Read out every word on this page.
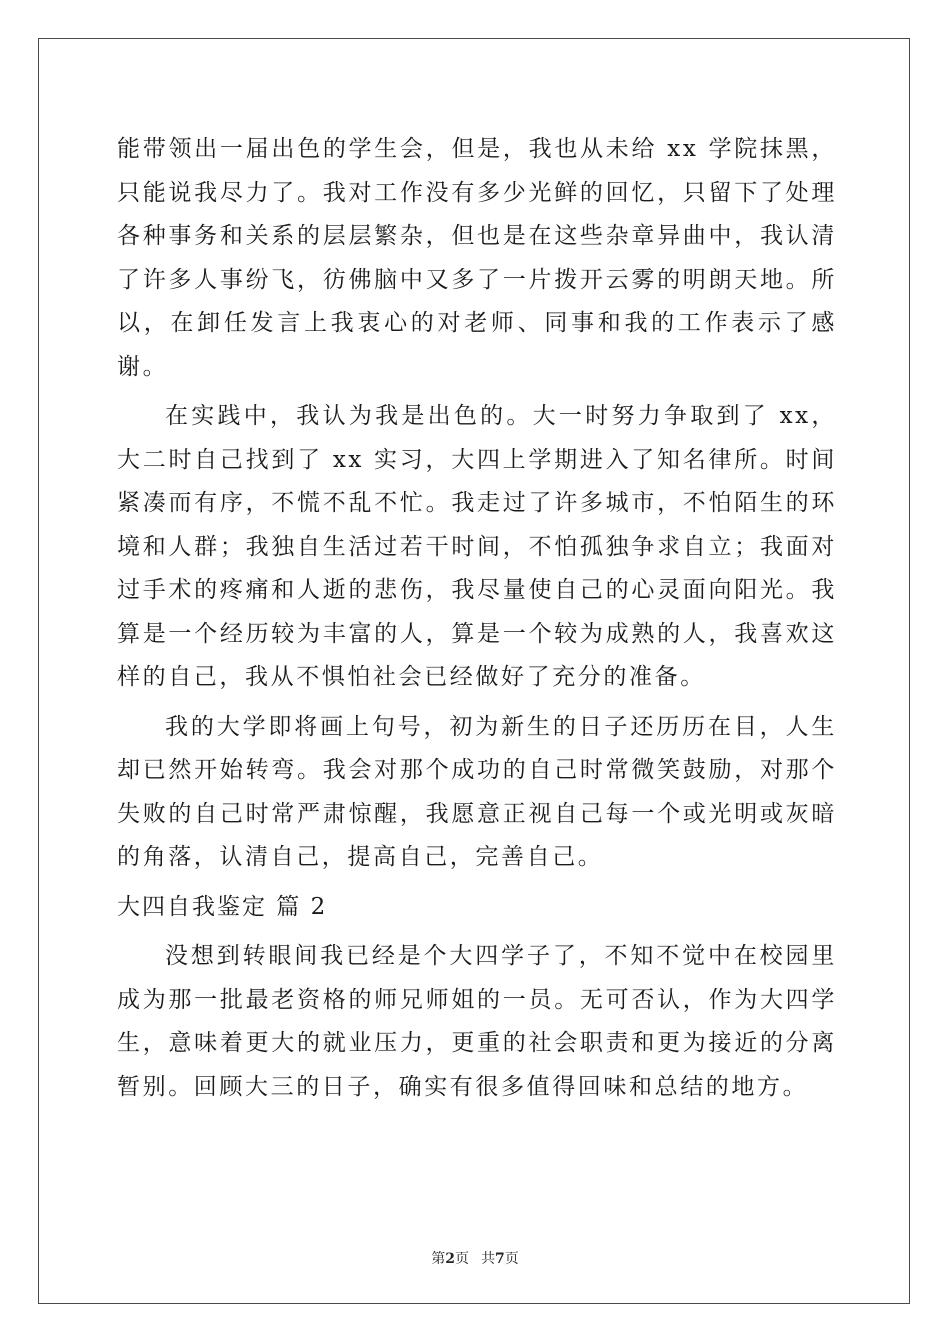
能带领出一届出色的学生会，但是，我也从未给 xx 学院抹黑，只能说我尽力了。我对工作没有多少光鲜的回忆，只留下了处理各种事务和关系的层层繁杂，但也是在这些杂章异曲中，我认清了许多人事纷飞，彷佛脑中又多了一片拨开云雾的明朗天地。所以，在卸任发言上我衷心的对老师、同事和我的工作表示了感谢。

在实践中，我认为我是出色的。大一时努力争取到了 xx，大二时自己找到了 xx 实习，大四上学期进入了知名律所。时间紧凑而有序，不慌不乱不忙。我走过了许多城市，不怕陌生的环境和人群；我独自生活过若干时间，不怕孤独争求自立；我面对过手术的疼痛和人逝的悲伤，我尽量使自己的心灵面向阳光。我算是一个经历较为丰富的人，算是一个较为成熟的人，我喜欢这样的自己，我从不惧怕社会已经做好了充分的准备。

我的大学即将画上句号，初为新生的日子还历历在目，人生却已然开始转弯。我会对那个成功的自己时常微笑鼓励，对那个失败的自己时常严肃惊醒，我愿意正视自己每一个或光明或灰暗的角落，认清自己，提高自己，完善自己。

大四自我鉴定 篇 2

没想到转眼间我已经是个大四学子了，不知不觉中在校园里成为那一批最老资格的师兄师姐的一员。无可否认，作为大四学生，意味着更大的就业压力，更重的社会职责和更为接近的分离暂别。回顾大三的日子，确实有很多值得回味和总结的地方。

第2页 共7页
